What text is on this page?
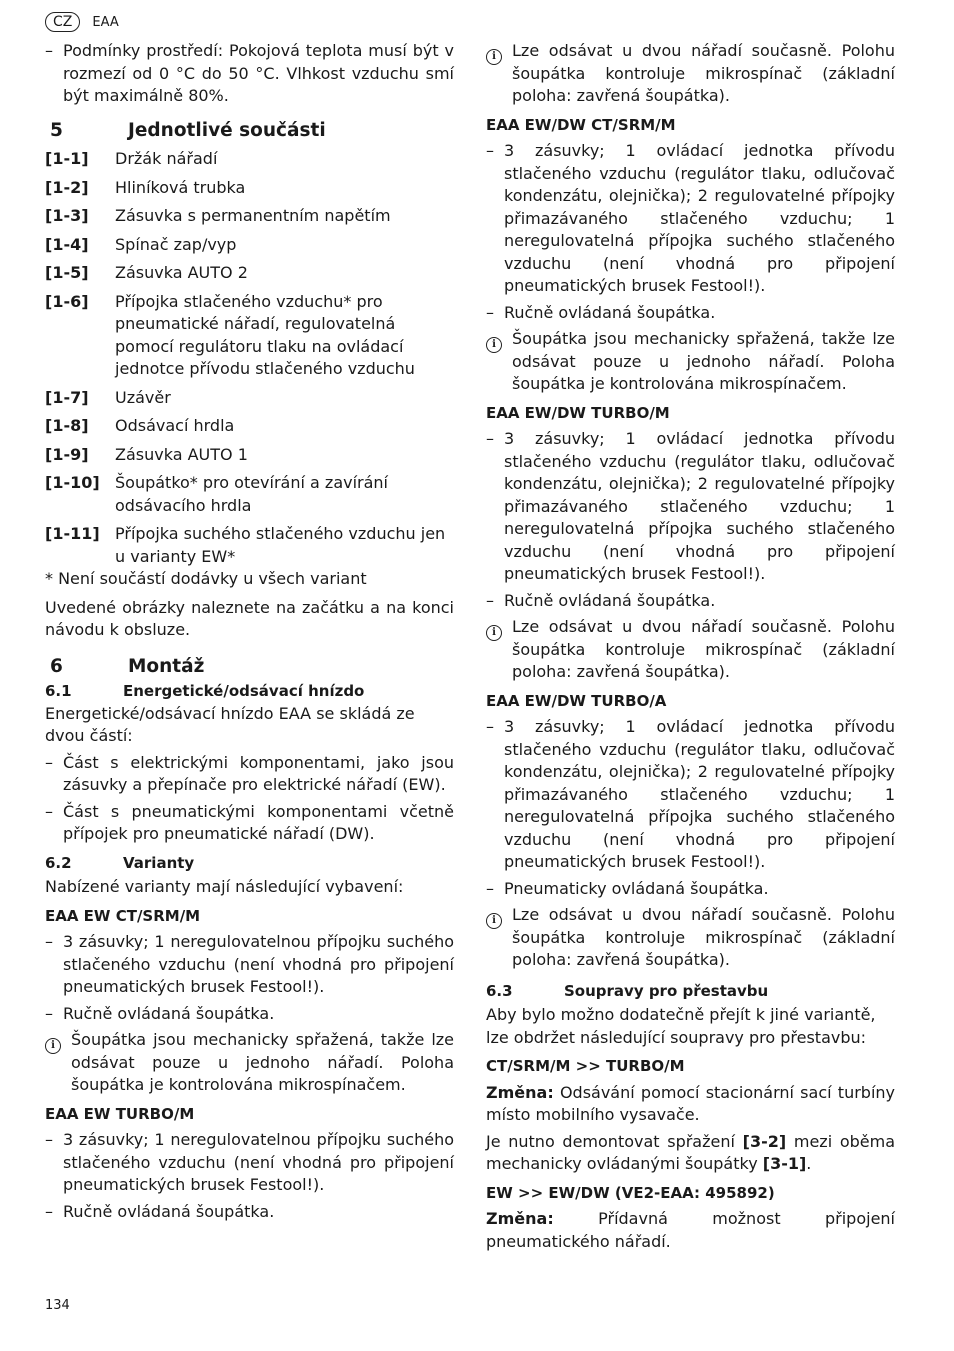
CZ	EAA
– Podmínky prostředí: Pokojová teplota musí být v rozmezí od 0 °C do 50 °C. Vlhkost vzduchu smí být maximálně 80%.
5	Jednotlivé součásti
[1-1]	Držák nářadí
[1-2]	Hliníková trubka
[1-3]	Zásuvka s permanentním napětím
[1-4]	Spínač zap/vyp
[1-5]	Zásuvka AUTO 2
[1-6]	Přípojka stlačeného vzduchu* pro pneumatické nářadí, regulovatelná pomocí regulátoru tlaku na ovládací jednotce přívodu stlačeného vzduchu
[1-7]	Uzávěr
[1-8]	Odsávací hrdla
[1-9]	Zásuvka AUTO 1
[1-10] Šoupátko* pro otevírání a zavírání odsávacího hrdla
[1-11] Přípojka suchého stlačeného vzduchu jen u varianty EW*

* Není součástí dodávky u všech variant

Uvedené obrázky naleznete na začátku a na konci návodu k obsluze.

6	Montáž
6.1	Energetické/odsávací hnízdo

Energetické/odsávací hnízdo EAA se skládá ze dvou částí:

– Část s elektrickými komponentami, jako jsou zásuvky a přepínače pro elektrické nářadí (EW).
– Část s pneumatickými komponentami včetně přípojek pro pneumatické nářadí (DW).
6.2	Varianty

Nabízené varianty mají následující vybavení:

EAA EW CT/SRM/M
– 3 zásuvky; 1 neregulovatelnou přípojku suchého stlačeného vzduchu (není vhodná pro připojení pneumatických brusek Festool!).
– Ručně ovládaná šoupátka.
i	Šoupátka jsou mechanicky spřažená, takže lze odsávat pouze u jednoho nářadí. Poloha šoupátka je kontrolována mikrospínačem.
EAA EW TURBO/M
– 3 zásuvky; 1 neregulovatelnou přípojku suchého stlačeného vzduchu (není vhodná pro připojení pneumatických brusek Festool!).
– Ručně ovládaná šoupátka.
i	Lze odsávat u dvou nářadí současně. Polohu šoupátka kontroluje mikrospínač (základní poloha: zavřená šoupátka).
EAA EW/DW CT/SRM/M
– 3 zásuvky; 1 ovládací jednotka přívodu stlačeného vzduchu (regulátor tlaku, odlučovač kondenzátu, olejnička); 2 regulovatelné přípojky přimazávaného stlačeného vzduchu; 1 neregulovatelná přípojka suchého stlačeného vzduchu (není vhodná pro připojení pneumatických brusek Festool!).
– Ručně ovládaná šoupátka.
i	Šoupátka jsou mechanicky spřažená, takže lze odsávat pouze u jednoho nářadí. Poloha šoupátka je kontrolována mikrospínačem.
EAA EW/DW TURBO/M
– 3 zásuvky; 1 ovládací jednotka přívodu stlačeného vzduchu (regulátor tlaku, odlučovač kondenzátu, olejnička); 2 regulovatelné přípojky přimazávaného stlačeného vzduchu; 1 neregulovatelná přípojka suchého stlačeného vzduchu (není vhodná pro připojení pneumatických brusek Festool!).
– Ručně ovládaná šoupátka.
i	Lze odsávat u dvou nářadí současně. Polohu šoupátka kontroluje mikrospínač (základní poloha: zavřená šoupátka).
EAA EW/DW TURBO/A
– 3 zásuvky; 1 ovládací jednotka přívodu stlačeného vzduchu (regulátor tlaku, odlučovač kondenzátu, olejnička); 2 regulovatelné přípojky přimazávaného stlačeného vzduchu; 1 neregulovatelná přípojka suchého stlačeného vzduchu (není vhodná pro připojení pneumatických brusek Festool!).
– Pneumaticky ovládaná šoupátka.
i	Lze odsávat u dvou nářadí současně. Polohu šoupátka kontroluje mikrospínač (základní poloha: zavřená šoupátka).
6.3	Soupravy pro přestavbu

Aby bylo možno dodatečně přejít k jiné variantě, lze obdržet následující soupravy pro přestavbu:

CT/SRM/M >> TURBO/M

Změna: Odsávání pomocí stacionární sací turbíny místo mobilního vysavače.

Je nutno demontovat spřažení [3-2] mezi oběma mechanicky ovládanými šoupátky [3-1].

EW >> EW/DW (VE2-EAA: 495892)

Změna: Přídavná možnost připojení pneumatického nářadí.

134
